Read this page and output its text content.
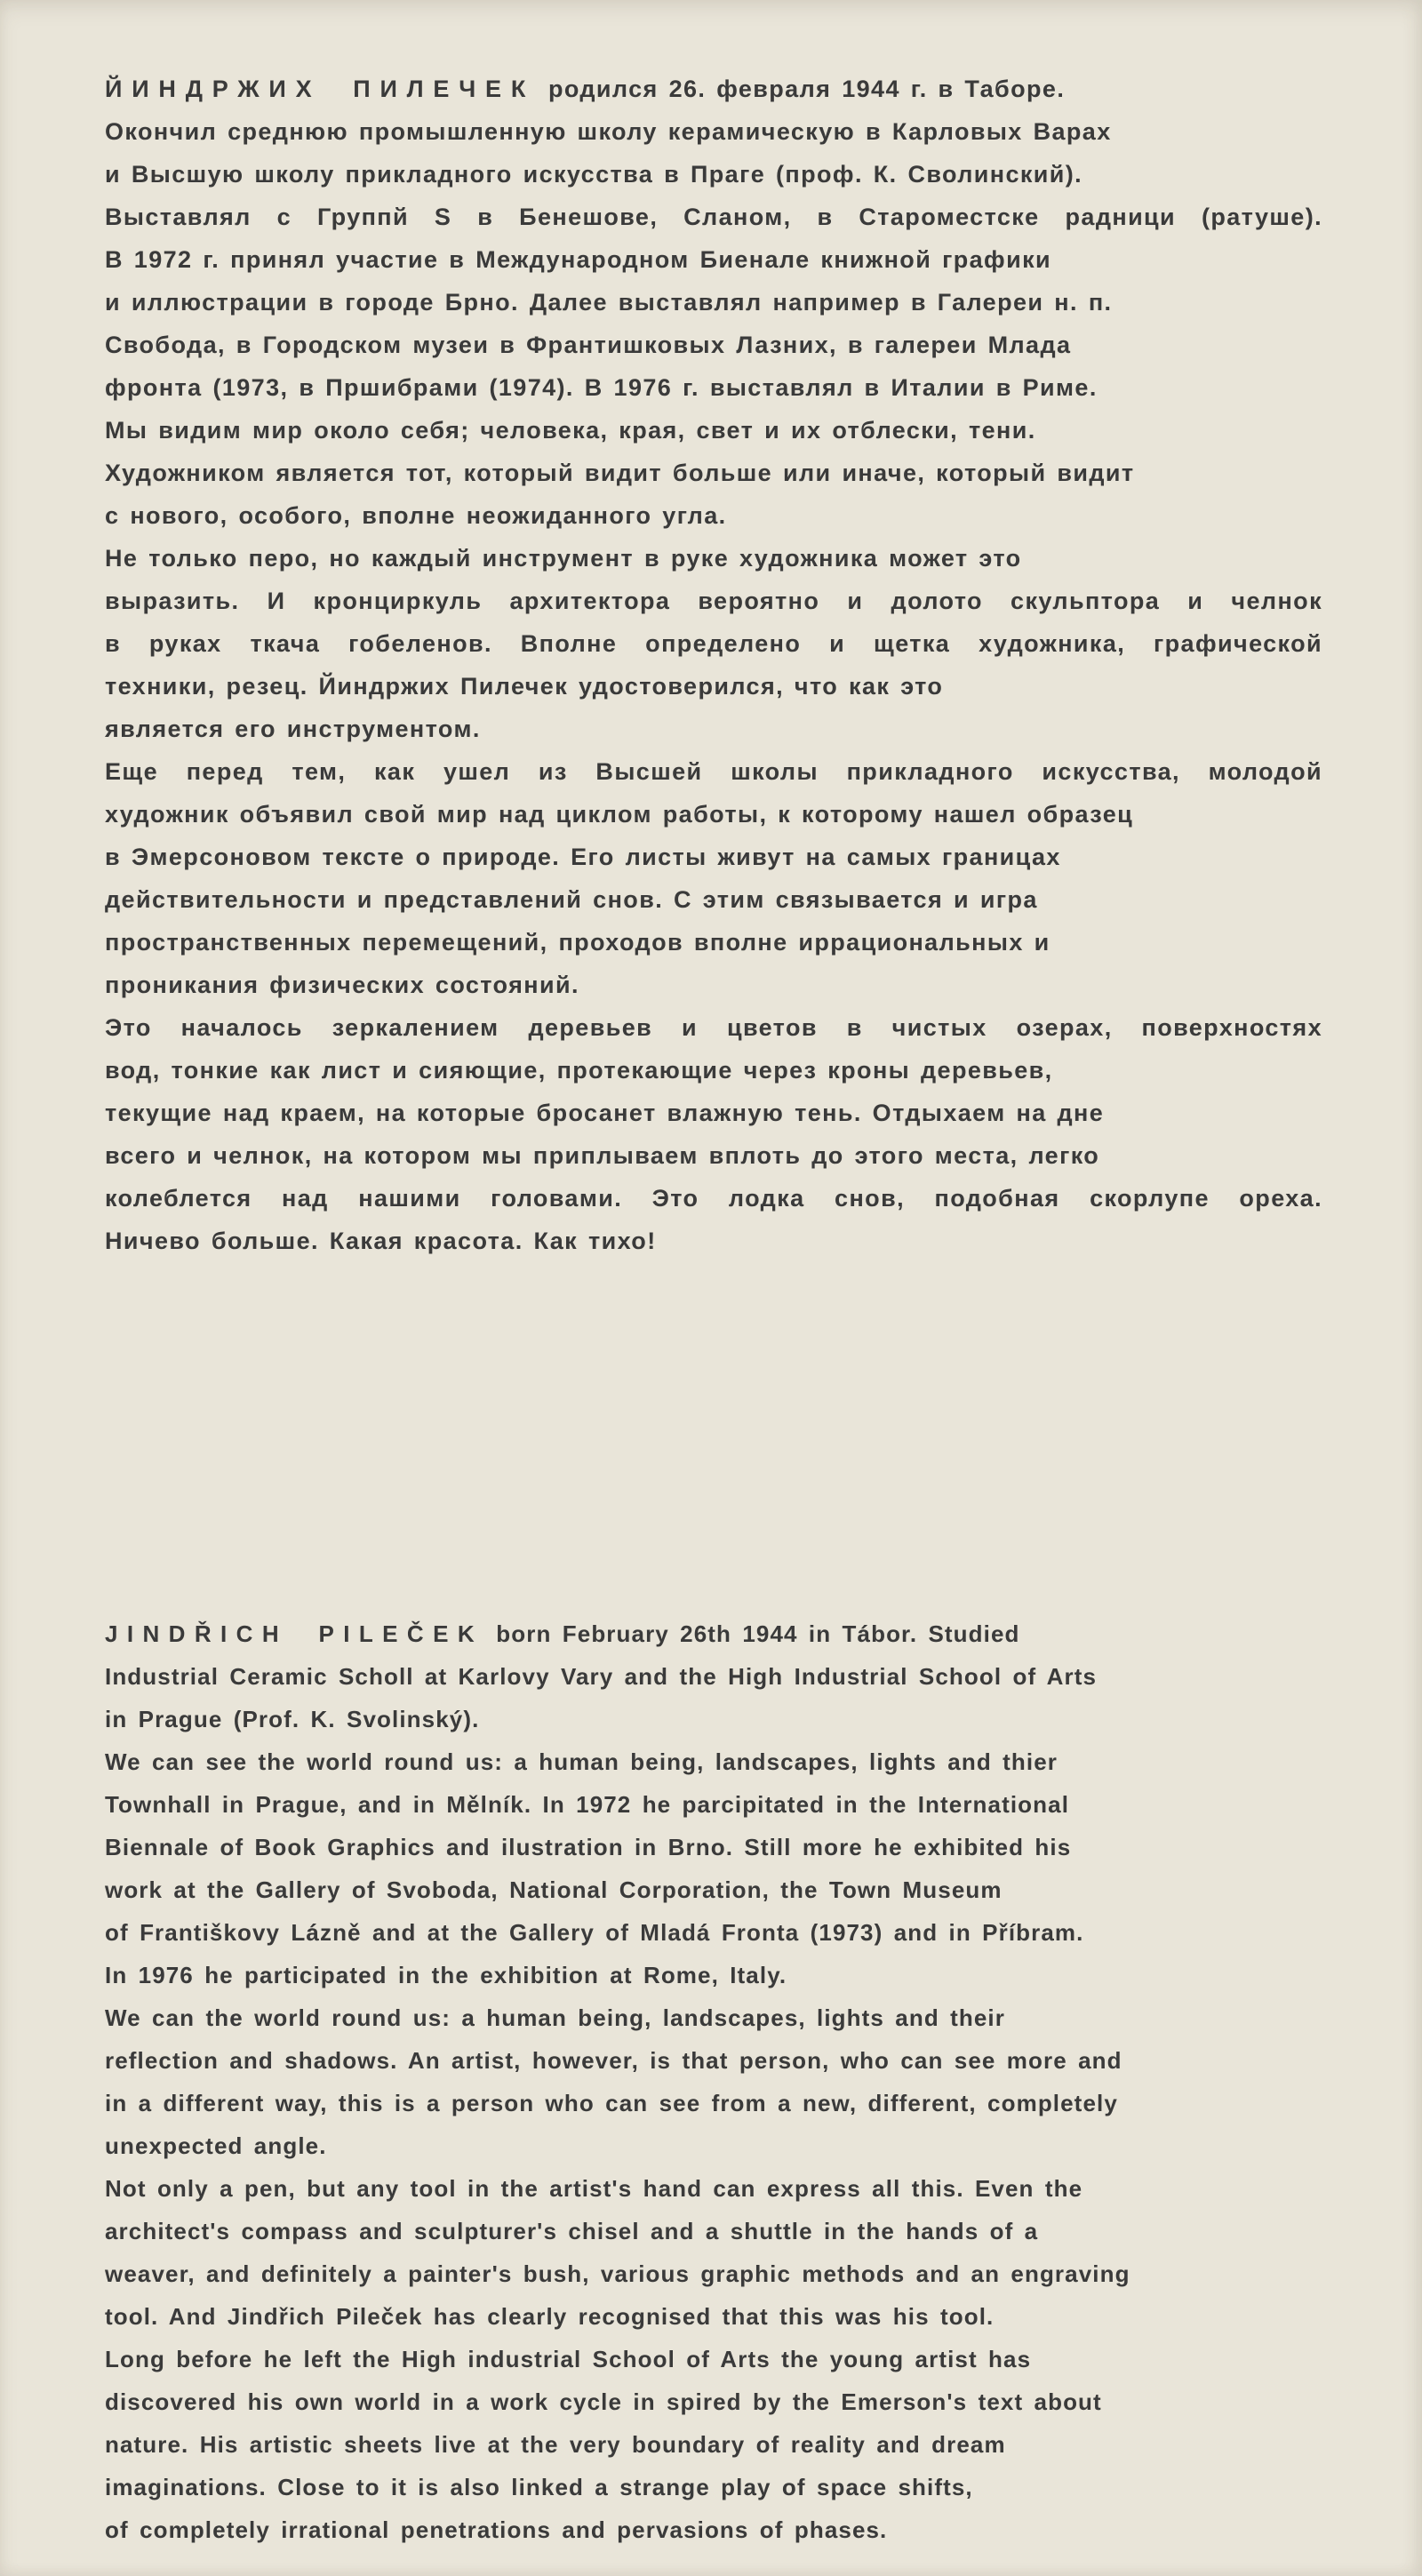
ЙИНДРЖИХ ПИЛЕЧЕК родился 26. февраля 1944 г. в Таборе.
Окончил среднюю промышленную школу керамическую в Карловых Варах
и Высшую школу прикладного искусства в Праге (проф. К. Сволинский).
Выставлял с Группй S в Бенешове, Сланом, в Староместске радници (ратуше).
В 1972 г. принял участие в Международном Биенале книжной графики
и иллюстрации в городе Брно. Далее выставлял например в Галереи н. п.
Свобода, в Городском музеи в Франтишковых Лазних, в галереи Млада
фронта (1973, в Пршибрами (1974). В 1976 г. выставлял в Италии в Риме.
Мы видим мир около себя; человека, края, свет и их отблески, тени.
Художником является тот, который видит больше или иначе, который видит
с нового, особого, вполне неожиданного угла.
Не только перо, но каждый инструмент в руке художника может это
выразить. И кронциркуль архитектора вероятно и долото скульптора и челнок
в руках ткача гобеленов. Вполне определено и щетка художника, графической
техники, резец. Йиндржих Пилечек удостоверился, что как это
является его инструментом.
Еще перед тем, как ушел из Высшей школы прикладного искусства, молодой
художник объявил свой мир над циклом работы, к которому нашел образец
в Эмерсоновом тексте о природе. Его листы живут на самых границах
действительности и представлений снов. С этим связывается и игра
пространственных перемещений, проходов вполне иррациональных и
проникания физических состояний.
Это началось зеркалением деревьев и цветов в чистых озерах, поверхностях
вод, тонкие как лист и сияющие, протекающие через кроны деревьев,
текущие над краем, на которые бросанет влажную тень. Отдыхаем на дне
всего и челнок, на котором мы приплываем вплоть до этого места, легко
колеблется над нашими головами. Это лодка снов, подобная скорлупе ореха.
Ничево больше. Какая красота. Как тихо!
JINDŘICH PILEČEK born February 26th 1944 in Tábor. Studied
Industrial Ceramic Scholl at Karlovy Vary and the High Industrial School of Arts
in Prague (Prof. K. Svolinský).
We can see the world round us: a human being, landscapes, lights and thier
Townhall in Prague, and in Mělník. In 1972 he parcipitated in the International
Biennale of Book Graphics and ilustration in Brno. Still more he exhibited his
work at the Gallery of Svoboda, National Corporation, the Town Museum
of Františkovy Lázně and at the Gallery of Mladá Fronta (1973) and in Příbram.
In 1976 he participated in the exhibition at Rome, Italy.
We can the world round us: a human being, landscapes, lights and their
reflection and shadows. An artist, however, is that person, who can see more and
in a different way, this is a person who can see from a new, different, completely
unexpected angle.
Not only a pen, but any tool in the artist's hand can express all this. Even the
architect's compass and sculpturer's chisel and a shuttle in the hands of a
weaver, and definitely a painter's bush, various graphic methods and an engraving
tool. And Jindřich Pileček has clearly recognised that this was his tool.
Long before he left the High industrial School of Arts the young artist has
discovered his own world in a work cycle in spired by the Emerson's text about
nature. His artistic sheets live at the very boundary of reality and dream
imaginations. Close to it is also linked a strange play of space shifts,
of completely irrational penetrations and pervasions of phases.
